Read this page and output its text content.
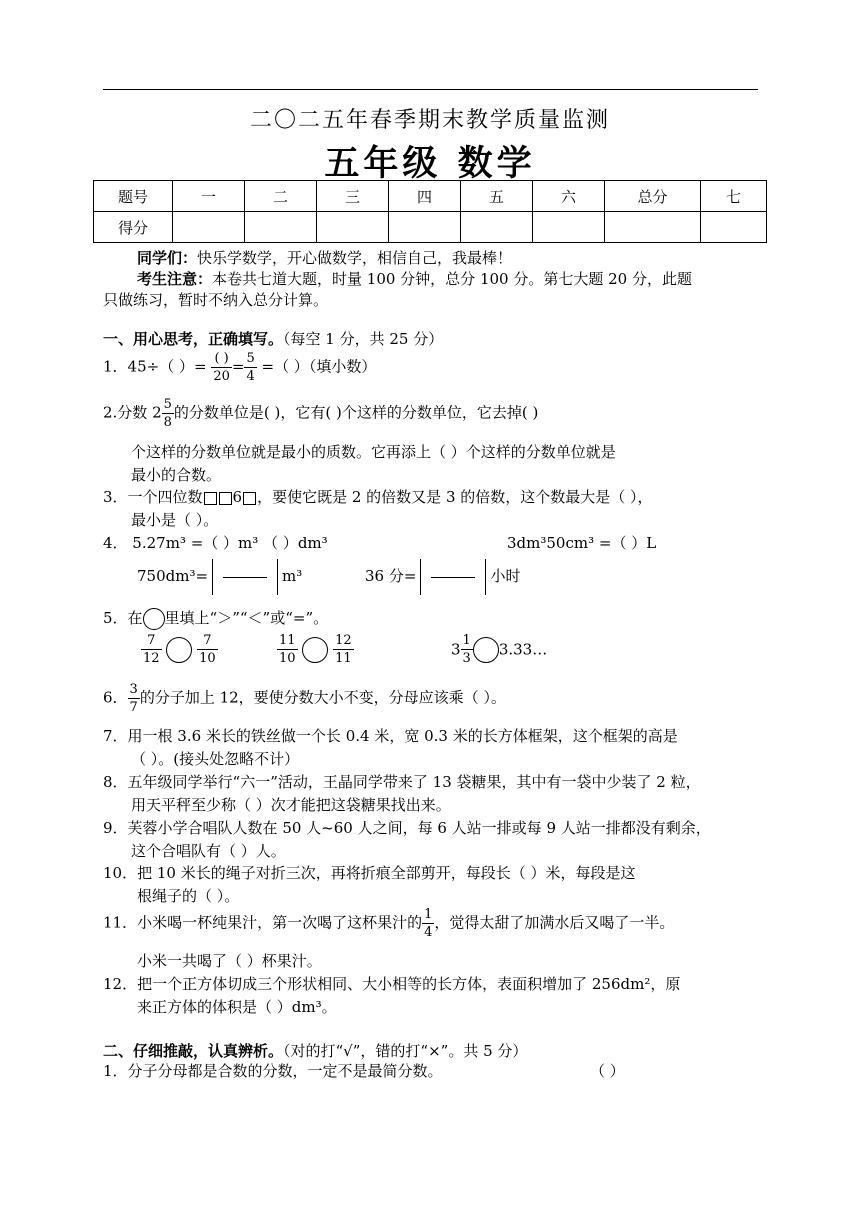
二〇二五年春季期末教学质量监测
五年级 数学
题号	一	二	三	四	五	六	总分	七
得分								
同学们：快乐学数学，开心做数学，相信自己，我最棒！
考生注意：本卷共七道大题，时量 100 分钟，总分 100 分。第七大题 20 分，此题
只做练习，暂时不纳入总分计算。
一、用心思考，正确填写。（每空 1 分，共 25 分）
1．45÷（ ）= $\frac{( )}{20} = \frac{5}{4}$ =（ ）（填小数）
2.分数 $2 \frac{5}{8}$ 的分数单位是( )，它有( )个这样的分数单位，它去掉( )
个这样的分数单位就是最小的质数。它再添上（ ）个这样的分数单位就是
最小的合数。
3．一个四位数 6 ，要使它既是 2 的倍数又是 3 的倍数，这个数最大是（ ），
最小是（ ）。
4． 5.27m³ =（ ）m³ （ ）dm³	3dm³50cm³ =（ ）L
750dm³=	m³	36 分=	小时
5．在 里填上“＞”“＜”或“=”。
$\frac{7}{12}$
	$\frac{7}{10}$	$\frac{11}{10}$
	$\frac{12}{11}$	$3 \frac{1}{3}$ 3.33…
6． $\frac{3}{7}$ 的分子加上 12，要使分数大小不变，分母应该乘（ ）。
7．用一根 3.6 米长的铁丝做一个长 0.4 米，宽 0.3 米的长方体框架，这个框架的高是
（ ）。(接头处忽略不计）
8．五年级同学举行“六一”活动，王晶同学带来了 13 袋糖果，其中有一袋中少装了 2 粒，
用天平秤至少称（ ）次才能把这袋糖果找出来。
9．芙蓉小学合唱队人数在 50 人~60 人之间，每 6 人站一排或每 9 人站一排都没有剩余，
这个合唱队有（ ）人。
10．把 10 米长的绳子对折三次，再将折痕全部剪开，每段长（ ）米，每段是这
根绳子的（ ）。
11．小米喝一杯纯果汁，第一次喝了这杯果汁的 $\frac{1}{4}$ ，觉得太甜了加满水后又喝了一半。
小米一共喝了（ ）杯果汁。
12．把一个正方体切成三个形状相同、大小相等的长方体，表面积增加了 256dm²，原
来正方体的体积是（ ）dm³。
二、仔细推敲，认真辨析。（对的打“√”，错的打“×”。共 5 分）
1．分子分母都是合数的分数，一定不是最简分数。	（ ）
